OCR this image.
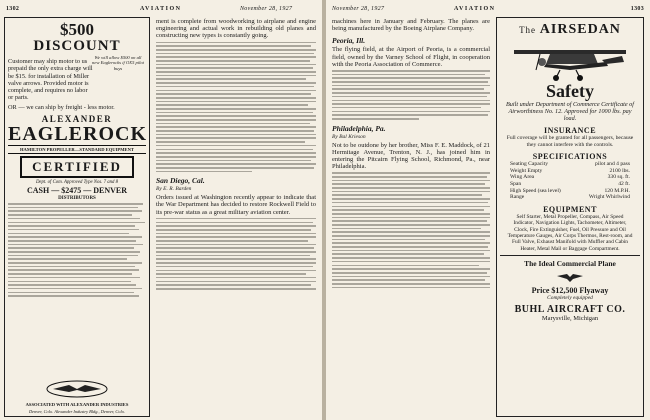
1302	AVIATION	November 28, 1927
$500
DISCOUNT
We will allow $500 on all new Eaglerocks if OX5 pilot buys
Customer may ship motor to us prepaid the only extra charge will be $15. for installation of Miller valve arrows. Provided motor is complete, and requires no labor or parts.
OR — we can ship by freight - less motor.
ALEXANDER
EAGLEROCK
HAMILTON PROPELLER—STANDARD EQUIPMENT
CERTIFIED
Dept. of Com. Approved Type Nos. 7 and 8
CASH — $2475 — DENVER
DISTRIBUTORS
ASSOCIATED WITH ALEXANDER INDUSTRIES
Denver, Colo. Alexander Industry Bldg., Denver, Colo.
ment is complete from woodworking to airplane and engine engineering and actual work in rebuilding old planes and constructing new types is constantly going.
San Diego, Cal.
By E. R. Barden
Orders issued at Washington recently appear to indicate that the War Department has decided to restore Rockwell Field to its pre-war status as a great military aviation center.
November 28, 1927	AVIATION	1303
machines here in January and February. The planes are being manufactured by the Boeing Airplane Company.
Peoria, Ill.
The flying field, at the Airport of Peoria, is a commercial field, owned by the Varney School of Flight, in cooperation with the Peoria Association of Commerce.
Philadelphia, Pa.
By Bal Krieson
Not to be outdone by her brother, Miss F. E. Maddock, of 21 Hermitage Avenue, Trenton, N. J., has joined him in entering the Pitcairn Flying School, Richmond, Pa., near Philadelphia.
The AIRSEDAN
Safety
Built under Department of Commerce Certificate of Airworthiness No. 12. Approved for 1000 lbs. pay load.
INSURANCE
Full coverage will be granted for all passengers, because they cannot interfere with the controls.
SPECIFICATIONS
Seating Capacity	pilot and 4 pass
Weight Empty	2100 lbs.
Wing Area	330 sq. ft.
Span	42 ft.
High Speed (sea level)	120 M.P.H.
Range	Wright Whirlwind
EQUIPMENT
Self Starter, Metal Propeller, Compass, Air Speed Indicator, Navigation Lights, Tachometer, Altimeter, Clock, Fire Extinguisher, Fuel, Oil Pressure and Oil Temperature Gauges, Air Corps Thermos, Rest-room, and Full Valve, Exhaust Manifold with Muffler and Cabin Heater, Metal Mail or Baggage Compartment.
The Ideal Commercial Plane
Price $12,500 Flyaway
Completely equipped
BUHL AIRCRAFT CO.
Marysville, Michigan
